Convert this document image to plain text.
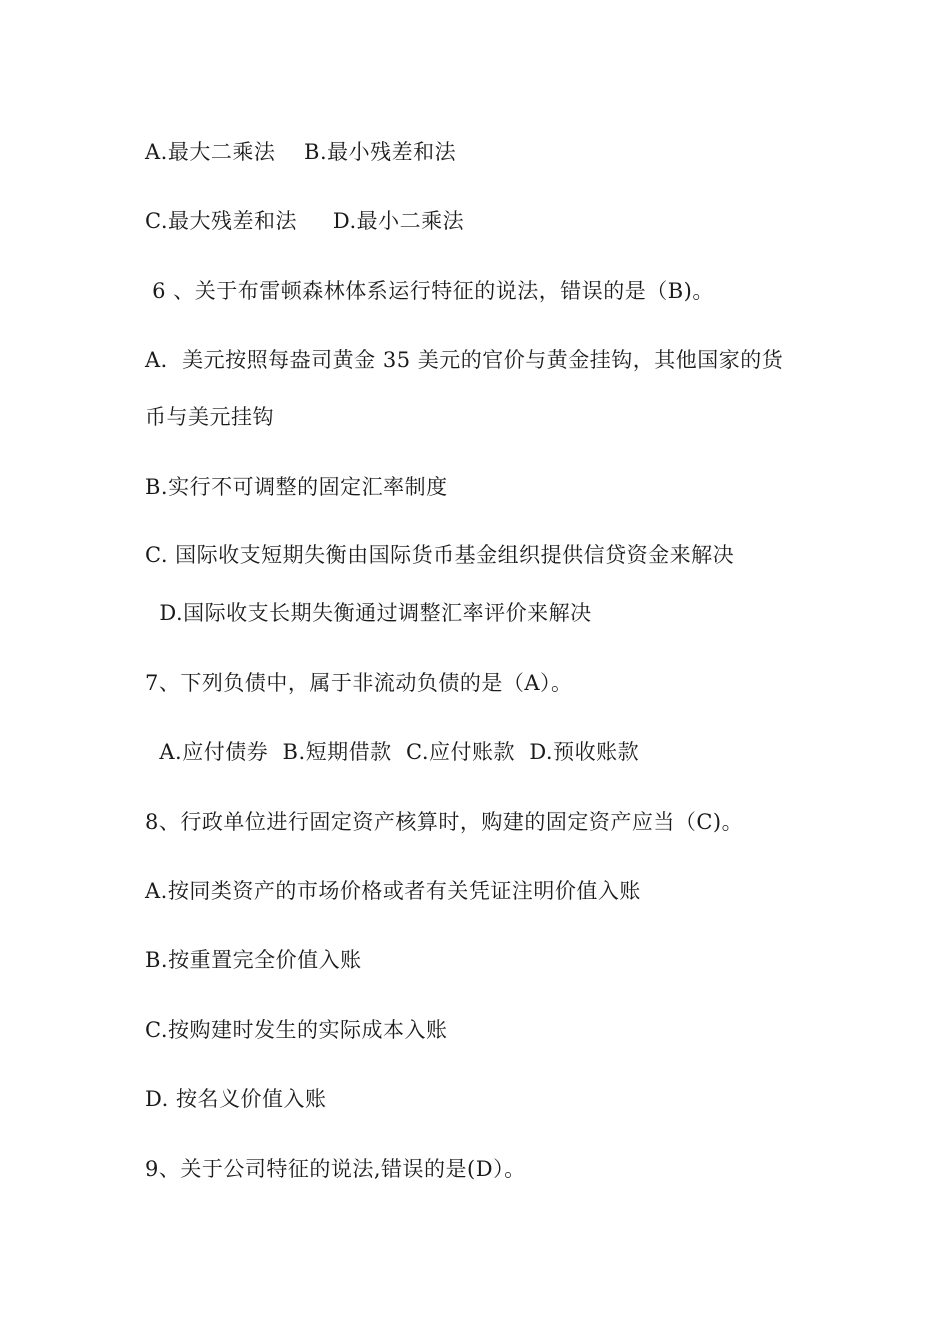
A.最大二乘法    B.最小残差和法
C.最大残差和法     D.最小二乘法
6 、关于布雷顿森林体系运行特征的说法，错误的是（B)。
A．美元按照每盎司黄金 35 美元的官价与黄金挂钩，其他国家的货
币与美元挂钩
B.实行不可调整的固定汇率制度
C. 国际收支短期失衡由国际货币基金组织提供信贷资金来解决
D.国际收支长期失衡通过调整汇率评价来解决
7、下列负债中，属于非流动负债的是（A）。
A.应付债券  B.短期借款  C.应付账款  D.预收账款
8、行政单位进行固定资产核算时，购建的固定资产应当（C)。
A.按同类资产的市场价格或者有关凭证注明价值入账
B.按重置完全价值入账
C.按购建时发生的实际成本入账
D. 按名义价值入账
9、关于公司特征的说法,错误的是(D）。
